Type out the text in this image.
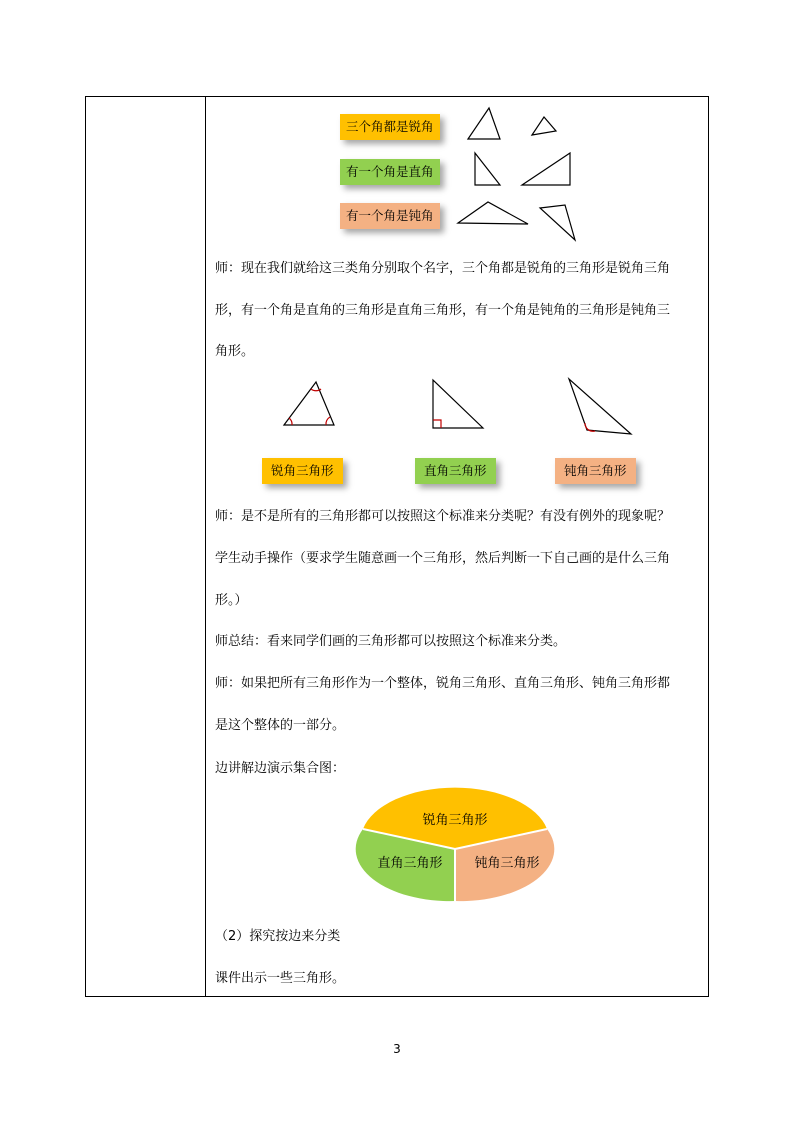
三个角都是锐角
有一个角是直角
有一个角是钝角
师：现在我们就给这三类角分别取个名字，三个角都是锐角的三角形是锐角三角
形，有一个角是直角的三角形是直角三角形，有一个角是钝角的三角形是钝角三
角形。
锐角三角形	直角三角形	钝角三角形
师：是不是所有的三角形都可以按照这个标准来分类呢？有没有例外的现象呢？
学生动手操作（要求学生随意画一个三角形，然后判断一下自己画的是什么三角
形。）
师总结：看来同学们画的三角形都可以按照这个标准来分类。
师：如果把所有三角形作为一个整体，锐角三角形、直角三角形、钝角三角形都
是这个整体的一部分。
边讲解边演示集合图：
锐角三角形
直角三角形 钝角三角形
（2）探究按边来分类
课件出示一些三角形。
3
